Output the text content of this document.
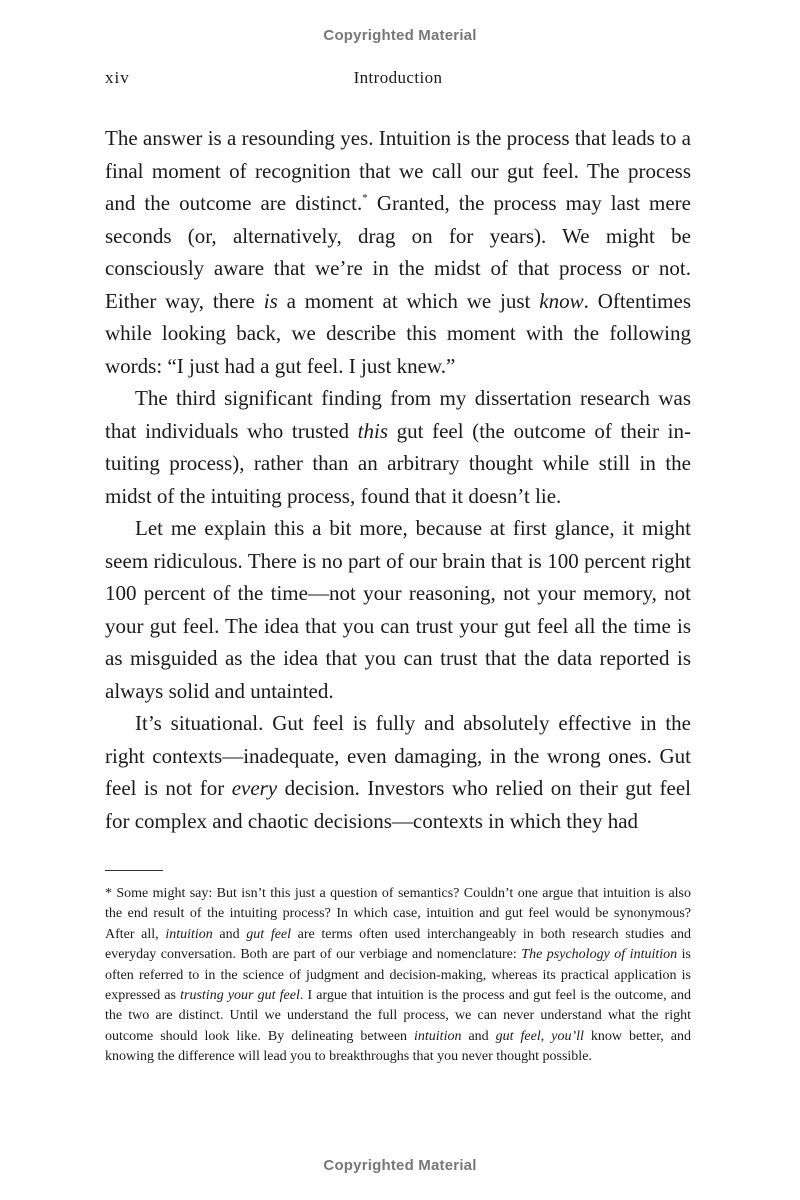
Copyrighted Material
xiv	Introduction

The answer is a resounding yes. Intuition is the process that leads to a final moment of recognition that we call our gut feel. The process and the outcome are distinct.* Granted, the process may last mere seconds (or, alternatively, drag on for years). We might be consciously aware that we’re in the midst of that process or not. Either way, there is a moment at which we just know. Oftentimes while looking back, we describe this moment with the following words: “I just had a gut feel. I just knew.”

The third significant finding from my dissertation research was that individuals who trusted this gut feel (the outcome of their intuiting process), rather than an arbitrary thought while still in the midst of the intuiting process, found that it doesn’t lie.

Let me explain this a bit more, because at first glance, it might seem ridiculous. There is no part of our brain that is 100 percent right 100 percent of the time—not your reasoning, not your memory, not your gut feel. The idea that you can trust your gut feel all the time is as misguided as the idea that you can trust that the data reported is always solid and untainted.

It’s situational. Gut feel is fully and absolutely effective in the right contexts—inadequate, even damaging, in the wrong ones. Gut feel is not for every decision. Investors who relied on their gut feel for complex and chaotic decisions—contexts in which they had

* Some might say: But isn’t this just a question of semantics? Couldn’t one argue that intuition is also the end result of the intuiting process? In which case, intuition and gut feel would be synonymous? After all, intuition and gut feel are terms often used interchangeably in both research studies and everyday conversation. Both are part of our verbiage and nomenclature: The psychology of intuition is often referred to in the science of judgment and decision-making, whereas its practical application is expressed as trusting your gut feel. I argue that intuition is the process and gut feel is the outcome, and the two are distinct. Until we understand the full process, we can never understand what the right outcome should look like. By delineating between intuition and gut feel, you’ll know better, and knowing the difference will lead you to breakthroughs that you never thought possible.

Copyrighted Material
